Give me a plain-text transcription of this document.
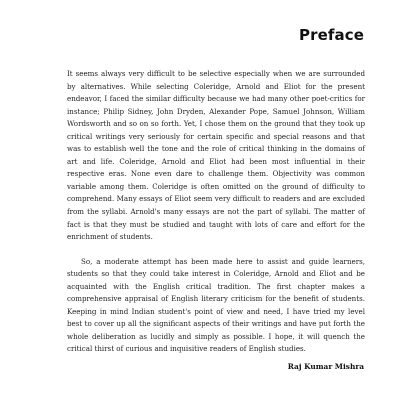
Preface

It seems always very difficult to be selective especially when we are surrounded by alternatives. While selecting Coleridge, Arnold and Eliot for the present endeavor, I faced the similar difficulty because we had many other poet-critics for instance; Philip Sidney, John Dryden, Alexander Pope, Samuel Johnson, William Wordsworth and so on so forth. Yet, I chose them on the ground that they took up critical writings very seriously for certain specific and special reasons and that was to establish well the tone and the role of critical thinking in the domains of art and life. Coleridge, Arnold and Eliot had been most influential in their respective eras. None even dare to challenge them. Objectivity was common variable among them. Coleridge is often omitted on the ground of difficulty to comprehend. Many essays of Eliot seem very difficult to readers and are excluded from the syllabi. Arnold's many essays are not the part of syllabi. The matter of fact is that they must be studied and taught with lots of care and effort for the enrichment of students.

So, a moderate attempt has been made here to assist and guide learners, students so that they could take interest in Coleridge, Arnold and Eliot and be acquainted with the English critical tradition. The first chapter makes a comprehensive appraisal of English literary criticism for the benefit of students. Keeping in mind Indian student's point of view and need, I have tried my level best to cover up all the significant aspects of their writings and have put forth the whole deliberation as lucidly and simply as possible. I hope, it will quench the critical thirst of curious and inquisitive readers of English studies.

Raj Kumar Mishra
